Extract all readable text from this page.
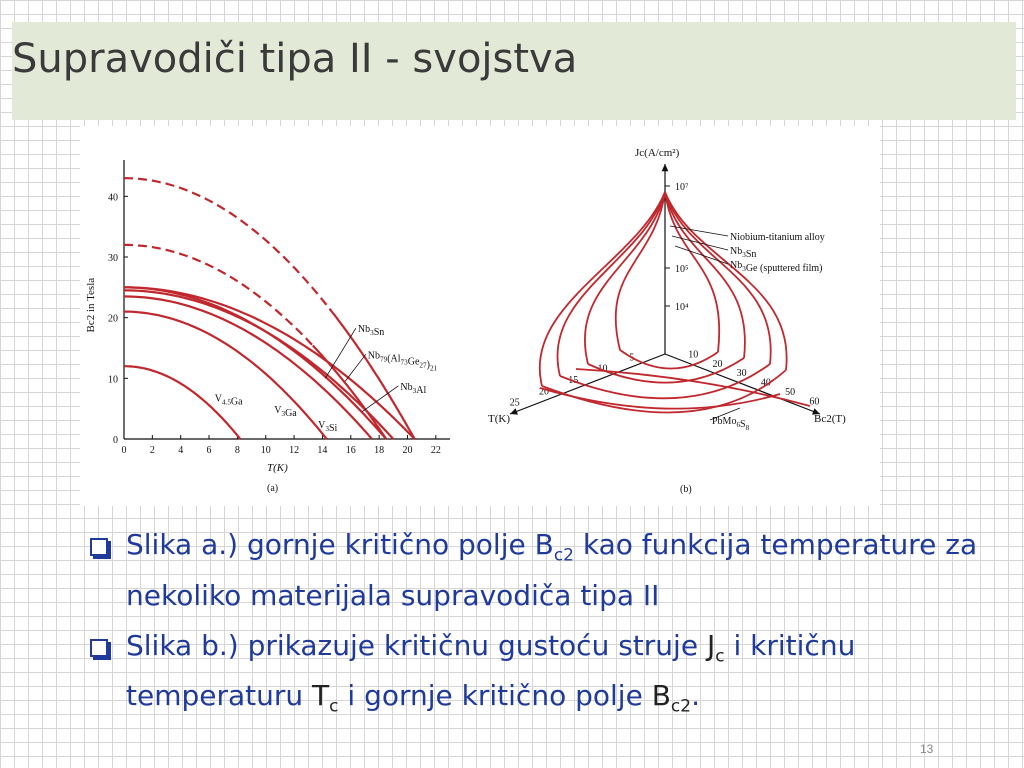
Supravodiči tipa II - svojstva
0 2 4 6 8 10 12 14 16 18 20 22
0
10
20
30
40
T(K)
Bc2 in Tesla
(a)
$V_{4.5}Ga$
$V_3Ga$
$V_3Si$
$Nb_3Al$
$Nb_{79}(Al_{73}Ge_{27})_{21}$
$Nb_3Sn$
Jc(A/cm²)
T(K)	Bc2(T)
(b)
10⁷
10⁵
10⁴
5
10
15
20
25
10
20
30
40
50
60
Niobium-titanium alloy
$Nb_3Sn$
$Nb_3Ge$ (sputtered film)
$PbMo_6S_8$
Slika a.) gornje kritično polje $B_{c2}$ kao funkcija temperature za nekoliko materijala supravodiča tipa II
Slika b.) prikazuje kritičnu gustoću struje $J_c$ i kritičnu temperaturu $T_c$ i gornje kritično polje $B_{c2}$.
13
